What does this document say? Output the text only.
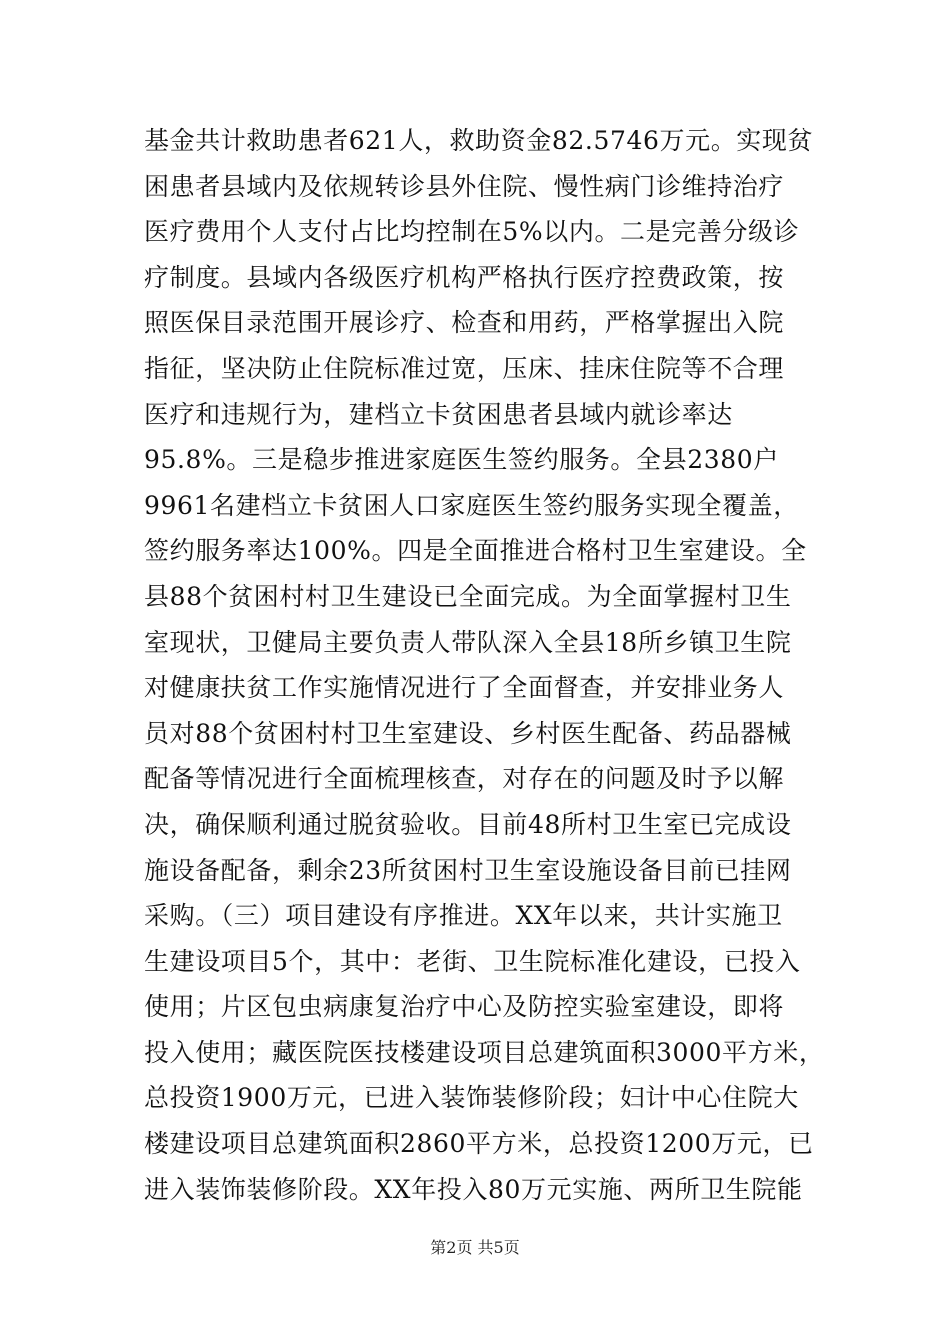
基金共计救助患者621人，救助资金82.5746万元。实现贫
困患者县域内及依规转诊县外住院、慢性病门诊维持治疗
医疗费用个人支付占比均控制在5%以内。二是完善分级诊
疗制度。县域内各级医疗机构严格执行医疗控费政策，按
照医保目录范围开展诊疗、检查和用药，严格掌握出入院
指征，坚决防止住院标准过宽，压床、挂床住院等不合理
医疗和违规行为，建档立卡贫困患者县域内就诊率达
95.8%。三是稳步推进家庭医生签约服务。全县2380户
9961名建档立卡贫困人口家庭医生签约服务实现全覆盖，
签约服务率达100%。四是全面推进合格村卫生室建设。全
县88个贫困村村卫生建设已全面完成。为全面掌握村卫生
室现状，卫健局主要负责人带队深入全县18所乡镇卫生院
对健康扶贫工作实施情况进行了全面督查，并安排业务人
员对88个贫困村村卫生室建设、乡村医生配备、药品器械
配备等情况进行全面梳理核查，对存在的问题及时予以解
决，确保顺利通过脱贫验收。目前48所村卫生室已完成设
施设备配备，剩余23所贫困村卫生室设施设备目前已挂网
采购。（三）项目建设有序推进。XX年以来，共计实施卫
生建设项目5个，其中：老街、卫生院标准化建设，已投入
使用；片区包虫病康复治疗中心及防控实验室建设，即将
投入使用；藏医院医技楼建设项目总建筑面积3000平方米，
总投资1900万元，已进入装饰装修阶段；妇计中心住院大
楼建设项目总建筑面积2860平方米，总投资1200万元，已
进入装饰装修阶段。XX年投入80万元实施、两所卫生院能
第2页 共5页
